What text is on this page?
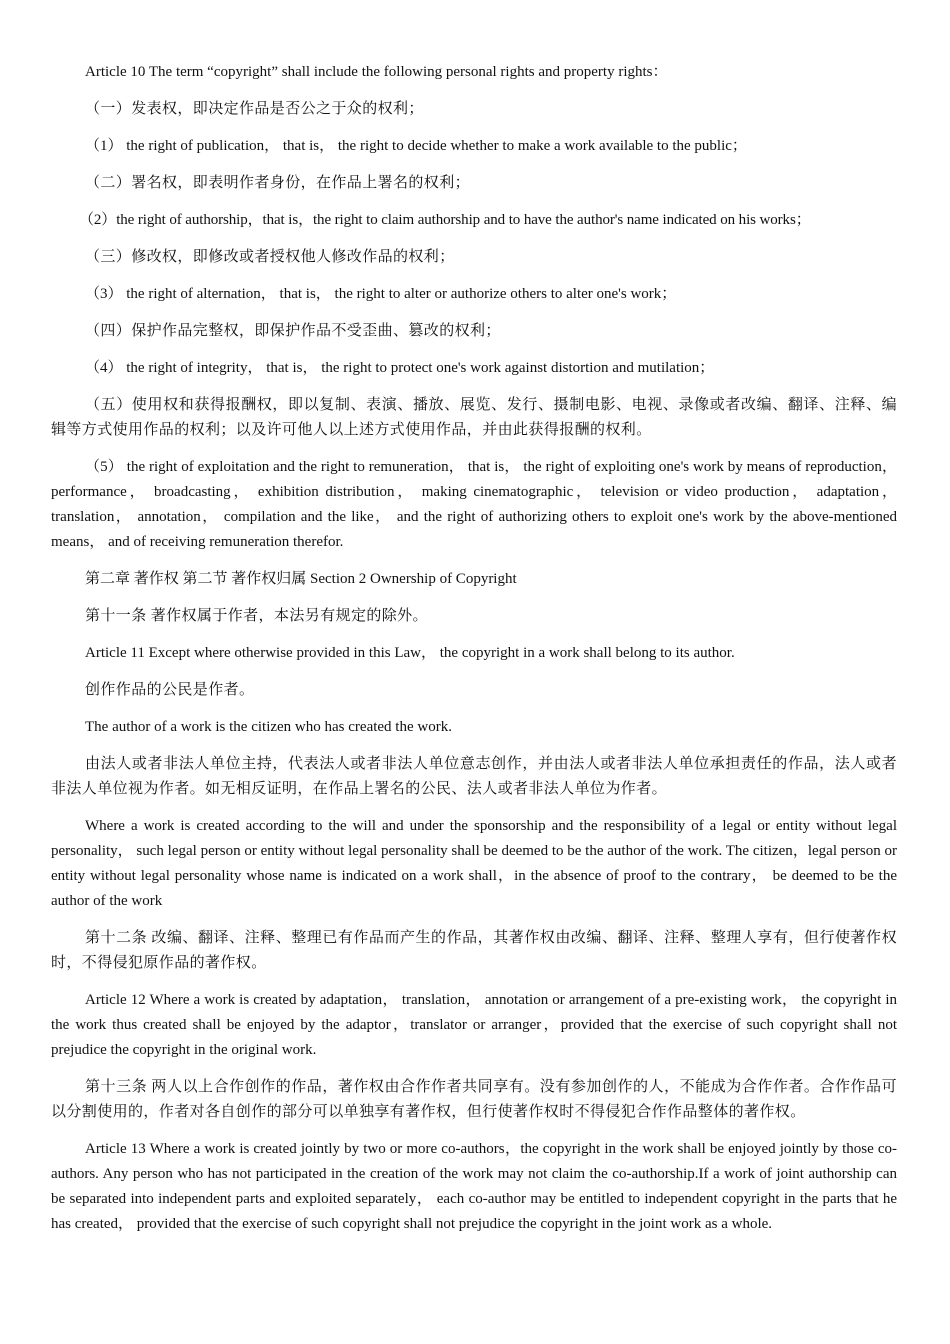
Article 10 The term “copyright” shall include the following personal rights and property rights：

（一）发表权，即决定作品是否公之于众的权利；

（1） the right of publication， that is， the right to decide whether to make a work available to the public；

（二）署名权，即表明作者身份，在作品上署名的权利；

（2）the right of authorship，that is，the right to claim authorship and to have the author's name indicated on his works；

（三）修改权，即修改或者授权他人修改作品的权利；

（3） the right of alternation， that is， the right to alter or authorize others to alter one's work；

（四）保护作品完整权，即保护作品不受歪曲、篡改的权利；

（4） the right of integrity， that is， the right to protect one's work against distortion and mutilation；

（五）使用权和获得报酬权，即以复制、表演、播放、展览、发行、摄制电影、电视、录像或者改编、翻译、注释、编辑等方式使用作品的权利；以及许可他人以上述方式使用作品，并由此获得报酬的权利。

（5） the right of exploitation and the right to remuneration， that is， the right of exploiting one's work by means of reproduction， performance， broadcasting， exhibition distribution， making cinematographic， television or video production， adaptation， translation， annotation， compilation and the like， and the right of authorizing others to exploit one's work by the above-mentioned means， and of receiving remuneration therefor.

第二章 著作权 第二节 著作权归属 Section 2 Ownership of Copyright

第十一条 著作权属于作者，本法另有规定的除外。

Article 11 Except where otherwise provided in this Law， the copyright in a work shall belong to its author.

创作作品的公民是作者。

The author of a work is the citizen who has created the work.

由法人或者非法人单位主持，代表法人或者非法人单位意志创作，并由法人或者非法人单位承担责任的作品，法人或者非法人单位视为作者。如无相反证明，在作品上署名的公民、法人或者非法人单位为作者。

Where a work is created according to the will and under the sponsorship and the responsibility of a legal or entity without legal personality， such legal person or entity without legal personality shall be deemed to be the author of the work. The citizen，legal person or entity without legal personality whose name is indicated on a work shall，in the absence of proof to the contrary， be deemed to be the author of the work

第十二条 改编、翻译、注释、整理已有作品而产生的作品，其著作权由改编、翻译、注释、整理人享有，但行使著作权时，不得侵犯原作品的著作权。

Article 12 Where a work is created by adaptation， translation， annotation or arrangement of a pre-existing work， the copyright in the work thus created shall be enjoyed by the adaptor，translator or arranger，provided that the exercise of such copyright shall not prejudice the copyright in the original work.

第十三条 两人以上合作创作的作品，著作权由合作作者共同享有。没有参加创作的人，不能成为合作作者。合作作品可以分割使用的，作者对各自创作的部分可以单独享有著作权，但行使著作权时不得侵犯合作作品整体的著作权。

Article 13 Where a work is created jointly by two or more co-authors，the copyright in the work shall be enjoyed jointly by those co-authors. Any person who has not participated in the creation of the work may not claim the co-authorship.If a work of joint authorship can be separated into independent parts and exploited separately， each co-author may be entitled to independent copyright in the parts that he has created， provided that the exercise of such copyright shall not prejudice the copyright in the joint work as a whole.
